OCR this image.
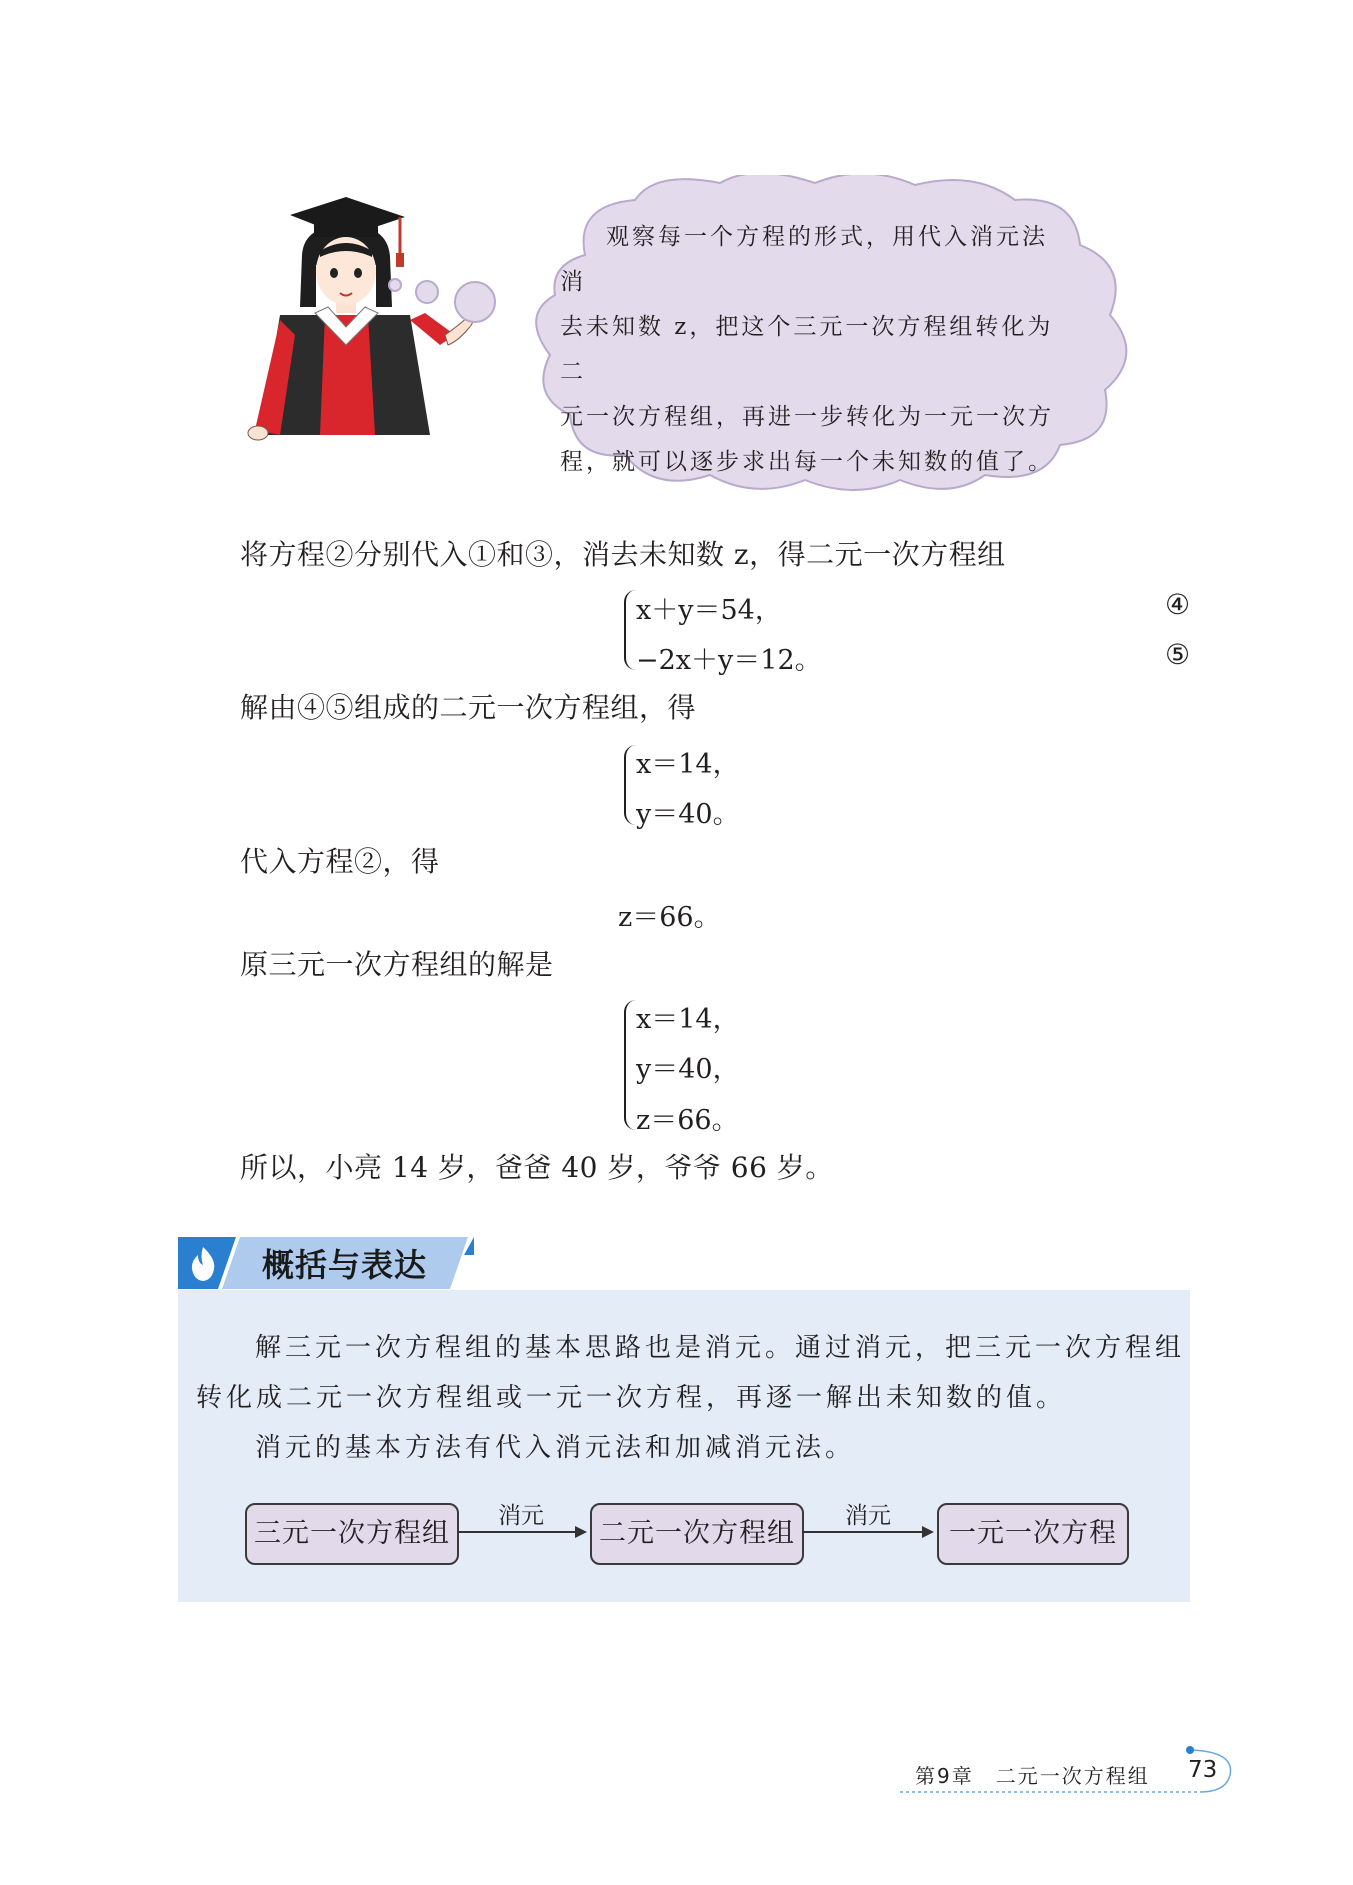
观察每一个方程的形式，用代入消元法消
去未知数 z，把这个三元一次方程组转化为二
元一次方程组，再进一步转化为一元一次方
程，就可以逐步求出每一个未知数的值了。
将方程②分别代入①和③，消去未知数 z，得二元一次方程组
x＋y＝54，
−2x＋y＝12。
④
⑤
解由④⑤组成的二元一次方程组，得
x＝14，
y＝40。
代入方程②，得
z＝66。
原三元一次方程组的解是
x＝14，
y＝40，
z＝66。
所以，小亮 14 岁，爸爸 40 岁，爷爷 66 岁。
概括与表达
解三元一次方程组的基本思路也是消元。通过消元，把三元一次方程组
转化成二元一次方程组或一元一次方程，再逐一解出未知数的值。
消元的基本方法有代入消元法和加减消元法。
三元一次方程组
消元
二元一次方程组
消元
一元一次方程
第9章　二元一次方程组 73
